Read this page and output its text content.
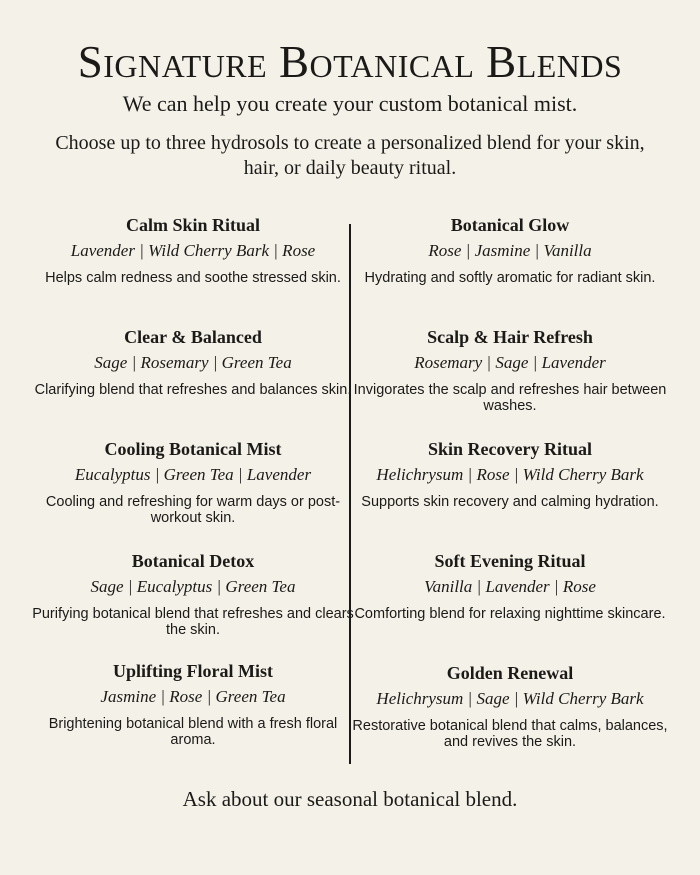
Signature Botanical Blends
We can help you create your custom botanical mist.
Choose up to three hydrosols to create a personalized blend for your skin, hair, or daily beauty ritual.
Calm Skin Ritual
Lavender | Wild Cherry Bark | Rose
Helps calm redness and soothe stressed skin.
Clear & Balanced
Sage | Rosemary | Green Tea
Clarifying blend that refreshes and balances skin.
Cooling Botanical Mist
Eucalyptus | Green Tea | Lavender
Cooling and refreshing for warm days or post-workout skin.
Botanical Detox
Sage | Eucalyptus | Green Tea
Purifying botanical blend that refreshes and clears the skin.
Uplifting Floral Mist
Jasmine | Rose | Green Tea
Brightening botanical blend with a fresh floral aroma.
Botanical Glow
Rose | Jasmine | Vanilla
Hydrating and softly aromatic for radiant skin.
Scalp & Hair Refresh
Rosemary | Sage | Lavender
Invigorates the scalp and refreshes hair between washes.
Skin Recovery Ritual
Helichrysum | Rose | Wild Cherry Bark
Supports skin recovery and calming hydration.
Soft Evening Ritual
Vanilla | Lavender | Rose
Comforting blend for relaxing nighttime skincare.
Golden Renewal
Helichrysum | Sage | Wild Cherry Bark
Restorative botanical blend that calms, balances, and revives the skin.
Ask about our seasonal botanical blend.
